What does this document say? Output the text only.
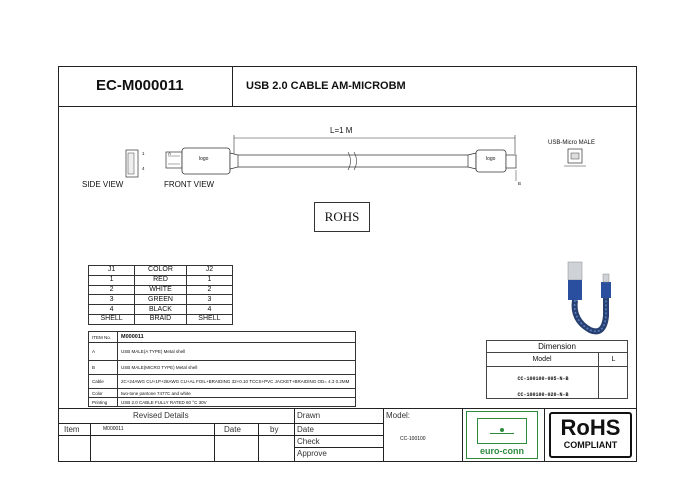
EC-M000011	USB 2.0 CABLE AM-MICROBM
L=1 M
SIDE VIEW	FRONT VIEW
logo	logo
USB-Micro MALE
1
4
A
B
ROHS
J1	COLOR	J2
1	RED	1
2	WHITE	2
3	GREEN	3
4	BLACK	4
SHELL	BRAID	SHELL
ITEM No.	M000011
A	USB MALE(A TYPE) Metal shell
B	USB MALE(MICRO TYPE) Metal shell
Cable	2C+24AWG CU+1P+28AWG CU+AL FOIL+BRAIDING 32+0.10 TCCS+PVC JACKET+BRAIDING OD= 4.3 0.2MM
Color	two-tone pantone 7477C and white
Printing	USB 2.0 CABLE FULLY RATED 60 °C 30V
Dimension
Model	L
CC-100100-005-N-B
CC-100100-020-N-B
Revised Details
Item	M000011	Date	by
Drawn
Date
Check
Approve
Model:
CC-100100
euro-conn
RoHS
COMPLIANT
